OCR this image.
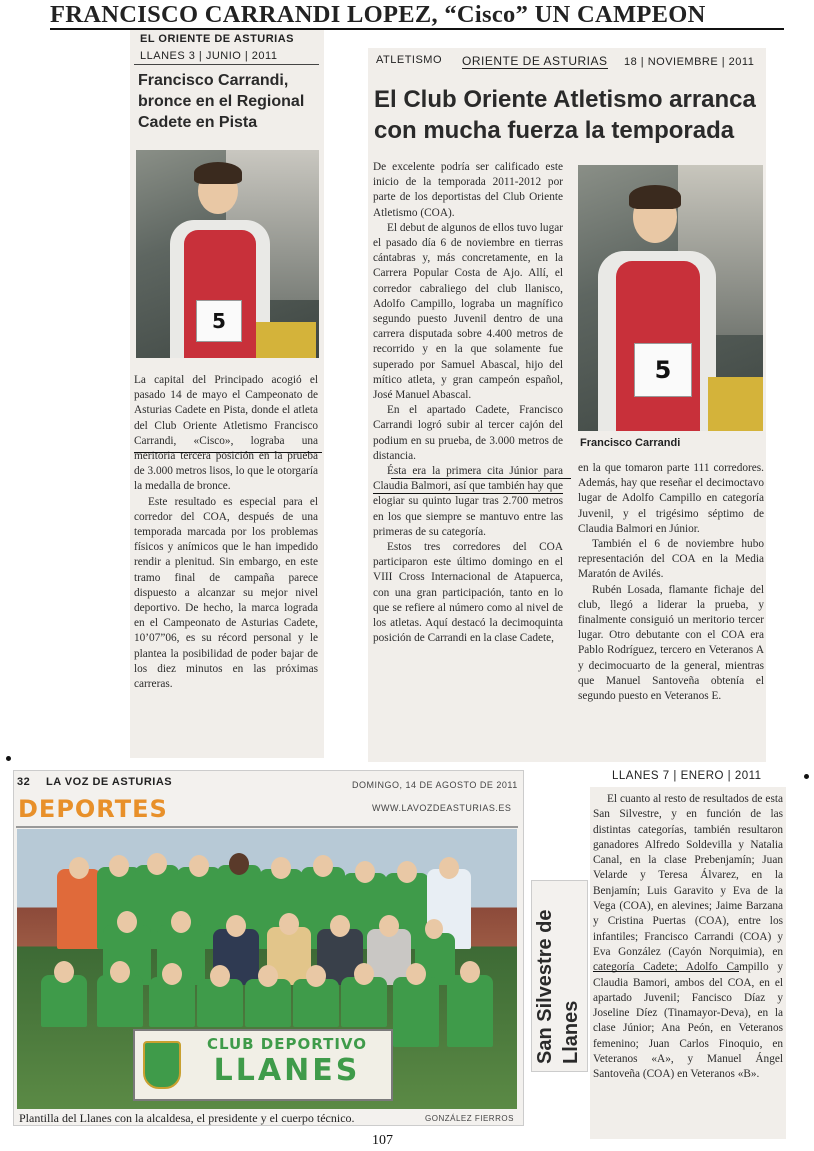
FRANCISCO CARRANDI LOPEZ, “Cisco” UN CAMPEON
EL ORIENTE DE ASTURIAS
LLANES 3 | JUNIO | 2011
Francisco Carrandi, bronce en el Regional Cadete en Pista
5

La capital del Principado acogió el pasado 14 de mayo el Campeonato de Asturias Cadete en Pista, donde el atleta del Club Oriente Atletismo Francisco Carrandi, «Cisco», lograba una meritoria tercera posición en la prueba de 3.000 metros lisos, lo que le otorgaría la medalla de bronce.

Este resultado es especial para el corredor del COA, después de una temporada marcada por los problemas físicos y anímicos que le han impedido rendir a plenitud. Sin embargo, en este tramo final de campaña parece dispuesto a alcanzar su mejor nivel deportivo. De hecho, la marca lograda en el Campeonato de Asturias Cadete, 10’07”06, es su récord personal y le plantea la posibilidad de poder bajar de los diez minutos en las próximas carreras.

ATLETISMO ORIENTE DE ASTURIAS 18 | NOVIEMBRE | 2011
El Club Oriente Atletismo arranca con mucha fuerza la temporada

De excelente podría ser calificado este inicio de la temporada 2011-2012 por parte de los deportistas del Club Oriente Atletismo (COA).

El debut de algunos de ellos tuvo lugar el pasado día 6 de noviembre en tierras cántabras y, más concretamente, en la Carrera Popular Costa de Ajo. Allí, el corredor cabraliego del club llanisco, Adolfo Campillo, lograba un magnífico segundo puesto Juvenil dentro de una carrera disputada sobre 4.400 metros de recorrido y en la que solamente fue superado por Samuel Abascal, hijo del mítico atleta, y gran campeón español, José Manuel Abascal.

En el apartado Cadete, Francisco Carrandi logró subir al tercer cajón del podium en su prueba, de 3.000 metros de distancia.

Ésta era la primera cita Júnior para Claudia Balmori, así que también hay que elogiar su quinto lugar tras 2.700 metros en los que siempre se mantuvo entre las primeras de su categoría.

Estos tres corredores del COA participaron este último domingo en el VIII Cross Internacional de Atapuerca, con una gran participación, tanto en lo que se refiere al número como al nivel de los atletas. Aquí destacó la decimoquinta posición de Carrandi en la clase Cadete,

5
Francisco Carrandi

en la que tomaron parte 111 corredores. Además, hay que reseñar el decimoctavo lugar de Adolfo Campillo en categoría Juvenil, y el trigésimo séptimo de Claudia Balmori en Júnior.

También el 6 de noviembre hubo representación del COA en la Media Maratón de Avilés.

Rubén Losada, flamante fichaje del club, llegó a liderar la prueba, y finalmente consiguió un meritorio tercer lugar. Otro debutante con el COA era Pablo Rodríguez, tercero en Veteranos A y decimocuarto de la general, mientras que Manuel Santoveña obtenía el segundo puesto en Veteranos E.

32 LA VOZ DE ASTURIAS	DOMINGO, 14 DE AGOSTO DE 2011
DEPORTES	WWW.LAVOZDEASTURIAS.ES
CLUB DEPORTIVO
LLANES
Plantilla del Llanes con la alcaldesa, el presidente y el cuerpo técnico.	GONZÁLEZ FIERROS
LLANES 7 | ENERO | 2011
San Silvestre de Llanes

El cuanto al resto de resultados de esta San Silvestre, y en función de las distintas categorías, también resultaron ganadores Alfredo Soldevilla y Natalia Canal, en la clase Prebenjamín; Juan Velarde y Teresa Álvarez, en la Benjamín; Luis Garavito y Eva de la Vega (COA), en alevines; Jaime Barzana y Cristina Puertas (COA), entre los infantiles; Francisco Carrandi (COA) y Eva González (Cayón Norquimia), en categoría Cadete; Adolfo Campillo y Claudia Bamori, ambos del COA, en el apartado Juvenil; Fancisco Díaz y Joseline Díez (Tinamayor-Deva), en la clase Júnior; Ana Peón, en Veteranos femenino; Juan Carlos Finoquio, en Veteranos «A», y Manuel Ángel Santoveña (COA) en Veteranos «B».

107
